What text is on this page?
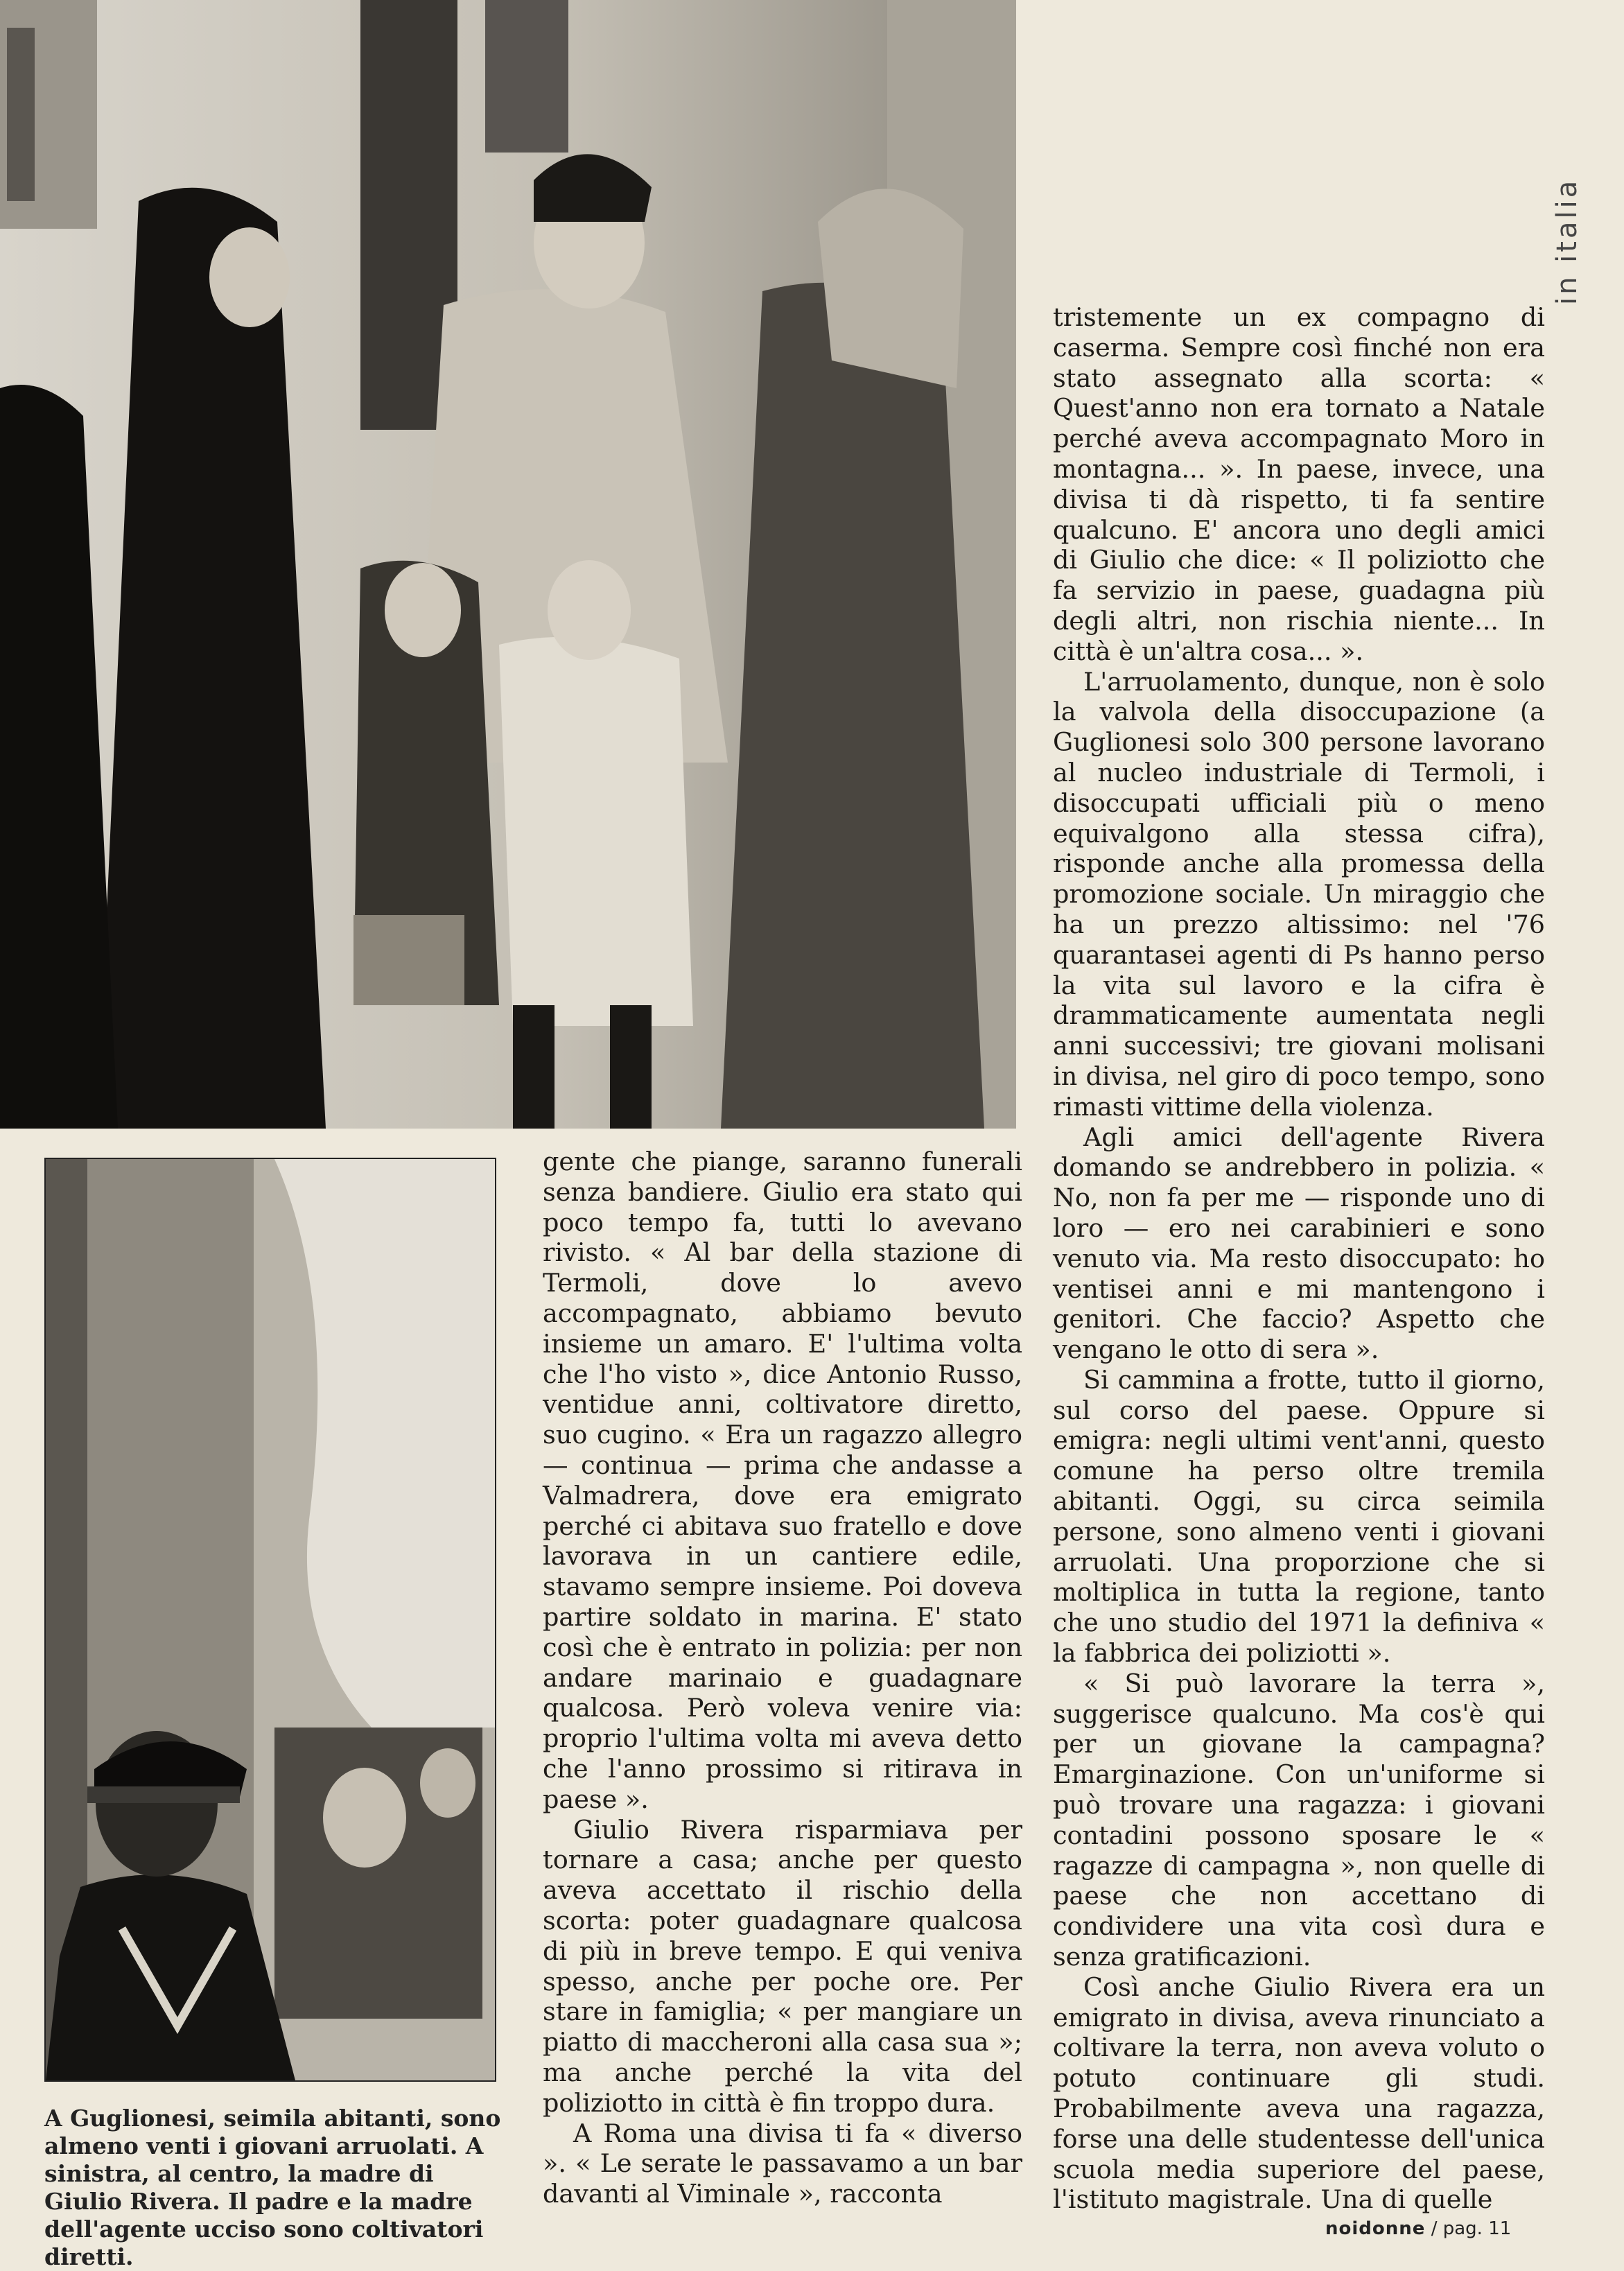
in italia

A Guglionesi, seimila abitanti, sono almeno venti i giovani arruolati. A sinistra, al centro, la madre di Giulio Rivera. Il padre e la madre dell'agente ucciso sono coltivatori diretti.

gente che piange, saranno funerali senza bandiere. Giulio era stato qui poco tempo fa, tutti lo avevano rivisto. « Al bar della stazione di Termoli, dove lo avevo accompagnato, abbiamo bevuto insieme un amaro. E' l'ultima volta che l'ho visto », dice Antonio Russo, ventidue anni, coltivatore diretto, suo cugino. « Era un ragazzo allegro — continua — prima che andasse a Valmadrera, dove era emigrato perché ci abitava suo fratello e dove lavorava in un cantiere edile, stavamo sempre insieme. Poi doveva partire soldato in marina. E' stato così che è entrato in polizia: per non andare marinaio e guadagnare qualcosa. Però voleva venire via: proprio l'ultima volta mi aveva detto che l'anno prossimo si ritirava in paese ».

Giulio Rivera risparmiava per tornare a casa; anche per questo aveva accettato il rischio della scorta: poter guadagnare qualcosa di più in breve tempo. E qui veniva spesso, anche per poche ore. Per stare in famiglia; « per mangiare un piatto di maccheroni alla casa sua »; ma anche perché la vita del poliziotto in città è fin troppo dura.

A Roma una divisa ti fa « diverso ». « Le serate le passavamo a un bar davanti al Viminale », racconta

tristemente un ex compagno di caserma. Sempre così finché non era stato assegnato alla scorta: « Quest'anno non era tornato a Natale perché aveva accompagnato Moro in montagna... ». In paese, invece, una divisa ti dà rispetto, ti fa sentire qualcuno. E' ancora uno degli amici di Giulio che dice: « Il poliziotto che fa servizio in paese, guadagna più degli altri, non rischia niente... In città è un'altra cosa... ».

L'arruolamento, dunque, non è solo la valvola della disoccupazione (a Guglionesi solo 300 persone lavorano al nucleo industriale di Termoli, i disoccupati ufficiali più o meno equivalgono alla stessa cifra), risponde anche alla promessa della promozione sociale. Un miraggio che ha un prezzo altissimo: nel '76 quarantasei agenti di Ps hanno perso la vita sul lavoro e la cifra è drammaticamente aumentata negli anni successivi; tre giovani molisani in divisa, nel giro di poco tempo, sono rimasti vittime della violenza.

Agli amici dell'agente Rivera domando se andrebbero in polizia. « No, non fa per me — risponde uno di loro — ero nei carabinieri e sono venuto via. Ma resto disoccupato: ho ventisei anni e mi mantengono i genitori. Che faccio? Aspetto che vengano le otto di sera ».

Si cammina a frotte, tutto il giorno, sul corso del paese. Oppure si emigra: negli ultimi vent'anni, questo comune ha perso oltre tremila abitanti. Oggi, su circa seimila persone, sono almeno venti i giovani arruolati. Una proporzione che si moltiplica in tutta la regione, tanto che uno studio del 1971 la definiva « la fabbrica dei poliziotti ».

« Si può lavorare la terra », suggerisce qualcuno. Ma cos'è qui per un giovane la campagna? Emarginazione. Con un'uniforme si può trovare una ragazza: i giovani contadini possono sposare le « ragazze di campagna », non quelle di paese che non accettano di condividere una vita così dura e senza gratificazioni.

Così anche Giulio Rivera era un emigrato in divisa, aveva rinunciato a coltivare la terra, non aveva voluto o potuto continuare gli studi. Probabilmente aveva una ragazza, forse una delle studentesse dell'unica scuola media superiore del paese, l'istituto magistrale. Una di quelle

noidonne / pag. 11
